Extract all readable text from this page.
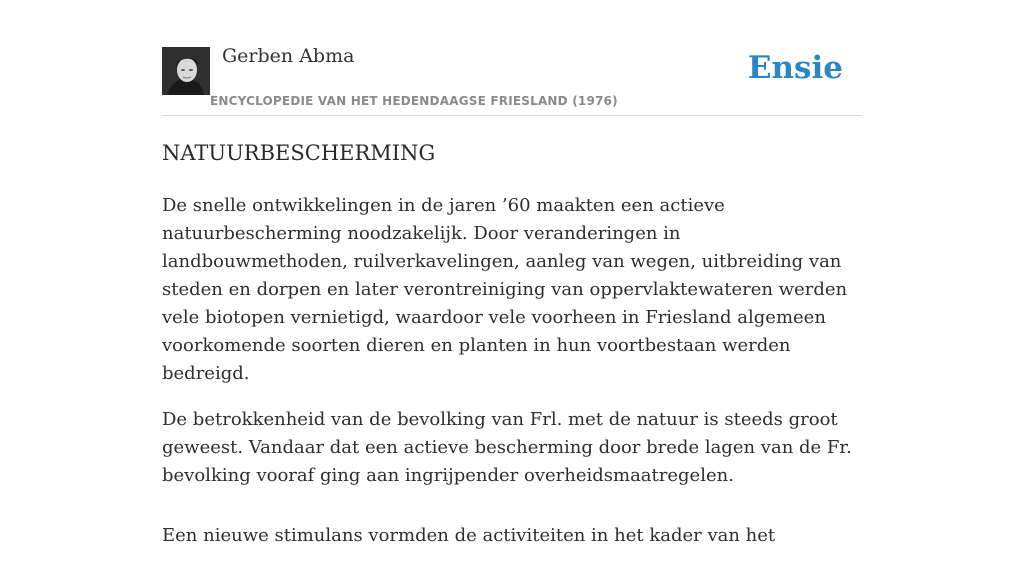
Gerben Abma
ENCYCLOPEDIE VAN HET HEDENDAAGSE FRIESLAND (1976)
Ensie
NATUURBESCHERMING

De snelle ontwikkelingen in de jaren ’60 maakten een actieve natuurbescherming noodzakelijk. Door veranderingen in landbouwmethoden, ruilverkavelingen, aanleg van wegen, uitbreiding van steden en dorpen en later verontreiniging van oppervlaktewateren werden vele biotopen vernietigd, waardoor vele voorheen in Friesland algemeen voorkomende soorten dieren en planten in hun voortbestaan werden bedreigd.

De betrokkenheid van de bevolking van Frl. met de natuur is steeds groot geweest. Vandaar dat een actieve bescherming door brede lagen van de Fr. bevolking vooraf ging aan ingrijpender overheidsmaatregelen.

Een nieuwe stimulans vormden de activiteiten in het kader van het
